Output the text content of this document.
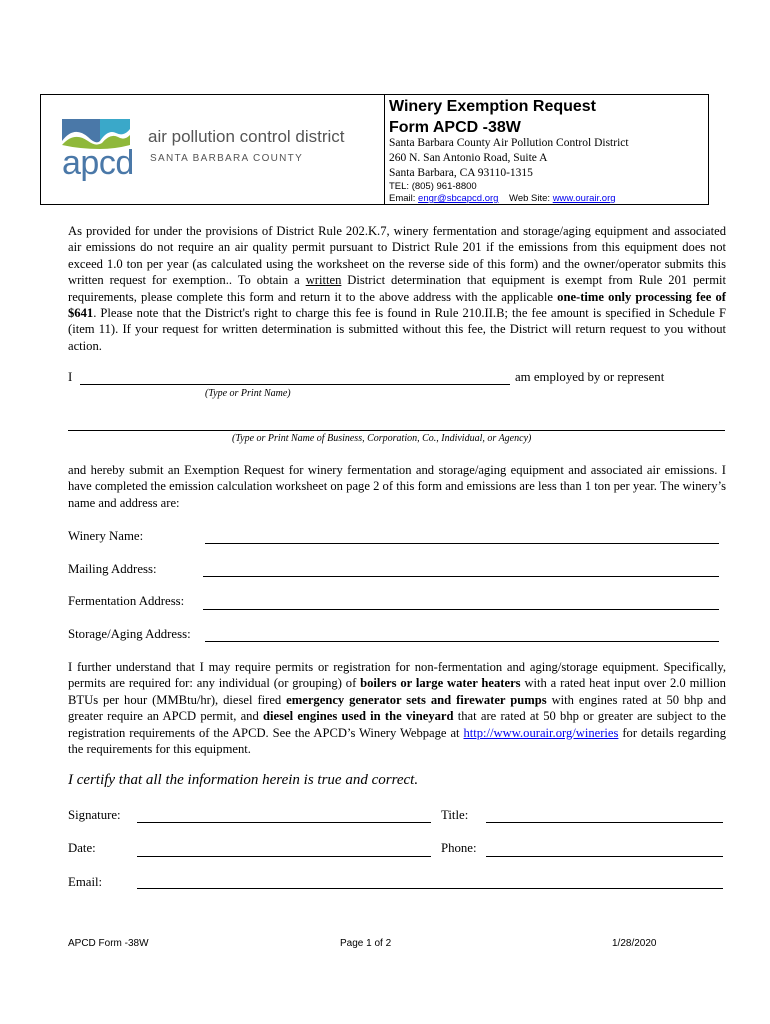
apcd
air pollution control district
SANTA BARBARA COUNTY
Winery Exemption Request
Form APCD -38W
Santa Barbara County Air Pollution Control District
260 N. San Antonio Road, Suite A
Santa Barbara, CA 93110-1315
TEL: (805) 961-8800
Email: engr@sbcapcd.org Web Site: www.ourair.org

As provided for under the provisions of District Rule 202.K.7, winery fermentation and storage/aging equipment and associated air emissions do not require an air quality permit pursuant to District Rule 201 if the emissions from this equipment does not exceed 1.0 ton per year (as calculated using the worksheet on the reverse side of this form) and the owner/operator submits this written request for exemption.. To obtain a written District determination that equipment is exempt from Rule 201 permit requirements, please complete this form and return it to the above address with the applicable one-time only processing fee of $641. Please note that the District's right to charge this fee is found in Rule 210.II.B; the fee amount is specified in Schedule F (item 11). If your request for written determination is submitted without this fee, the District will return request to you without action.

I	am employed by or represent
(Type or Print Name)
(Type or Print Name of Business, Corporation, Co., Individual, or Agency)

and hereby submit an Exemption Request for winery fermentation and storage/aging equipment and associated air emissions. I have completed the emission calculation worksheet on page 2 of this form and emissions are less than 1 ton per year. The winery’s name and address are:

Winery Name:
Mailing Address:
Fermentation Address:
Storage/Aging Address:

I further understand that I may require permits or registration for non-fermentation and aging/storage equipment. Specifically, permits are required for: any individual (or grouping) of boilers or large water heaters with a rated heat input over 2.0 million BTUs per hour (MMBtu/hr), diesel fired emergency generator sets and firewater pumps with engines rated at 50 bhp and greater require an APCD permit, and diesel engines used in the vineyard that are rated at 50 bhp or greater are subject to the registration requirements of the APCD. See the APCD’s Winery Webpage at http://www.ourair.org/wineries for details regarding the requirements for this equipment.

I certify that all the information herein is true and correct.
Signature:	Title:
Date:	Phone:
Email:
APCD Form -38W	Page 1 of 2	1/28/2020
